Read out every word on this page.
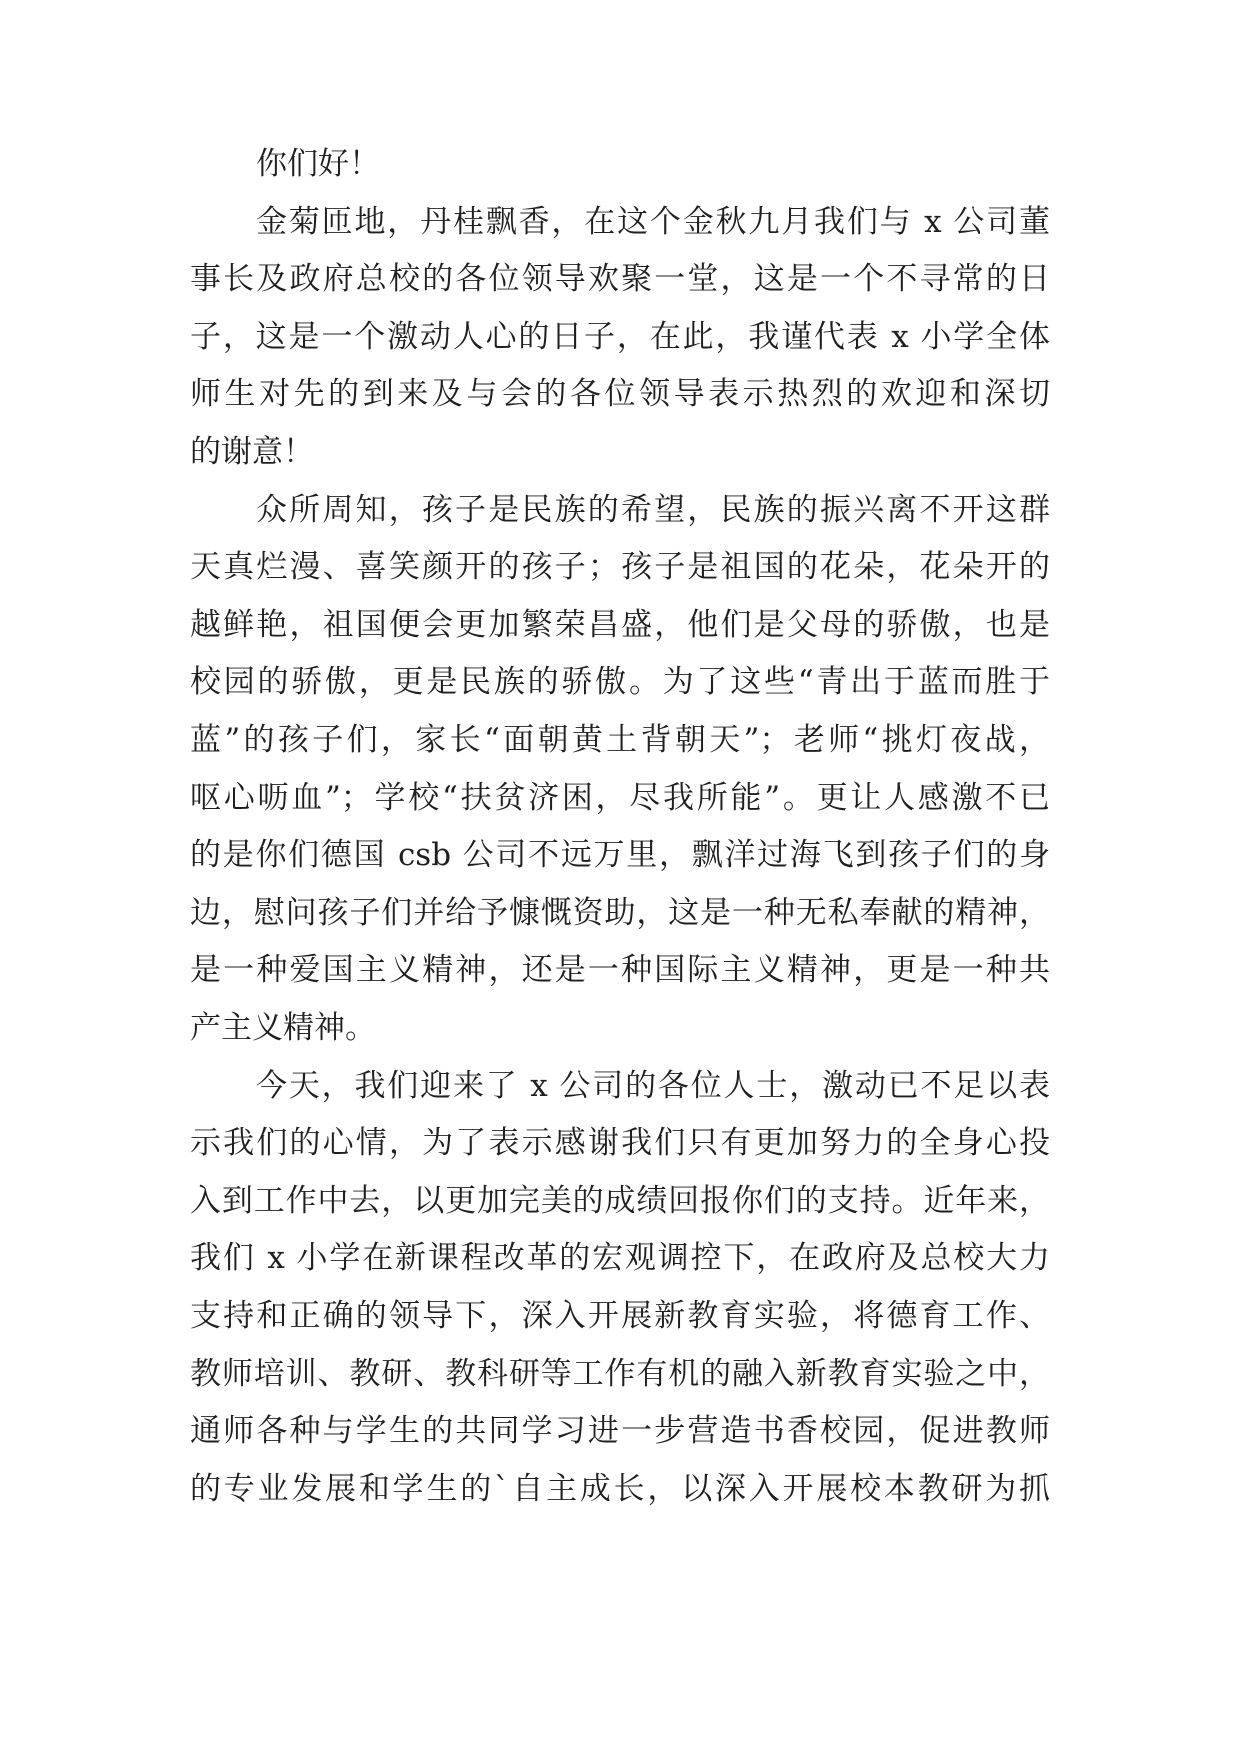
你们好！
金菊匝地，丹桂飘香，在这个金秋九月我们与 x 公司董
事长及政府总校的各位领导欢聚一堂，这是一个不寻常的日
子，这是一个激动人心的日子，在此，我谨代表 x 小学全体
师生对先的到来及与会的各位领导表示热烈的欢迎和深切
的谢意！
众所周知，孩子是民族的希望，民族的振兴离不开这群
天真烂漫、喜笑颜开的孩子；孩子是祖国的花朵，花朵开的
越鲜艳，祖国便会更加繁荣昌盛，他们是父母的骄傲，也是
校园的骄傲，更是民族的骄傲。为了这些“青出于蓝而胜于
蓝”的孩子们，家长“面朝黄土背朝天”；老师“挑灯夜战，
呕心呖血”；学校“扶贫济困，尽我所能”。更让人感激不已
的是你们德国 csb 公司不远万里，飘洋过海飞到孩子们的身
边，慰问孩子们并给予慷慨资助，这是一种无私奉献的精神，
是一种爱国主义精神，还是一种国际主义精神，更是一种共
产主义精神。
今天，我们迎来了 x 公司的各位人士，激动已不足以表
示我们的心情，为了表示感谢我们只有更加努力的全身心投
入到工作中去，以更加完美的成绩回报你们的支持。近年来，
我们 x 小学在新课程改革的宏观调控下，在政府及总校大力
支持和正确的领导下，深入开展新教育实验，将德育工作、
教师培训、教研、教科研等工作有机的融入新教育实验之中，
通师各种与学生的共同学习进一步营造书香校园，促进教师
的专业发展和学生的`自主成长，以深入开展校本教研为抓
